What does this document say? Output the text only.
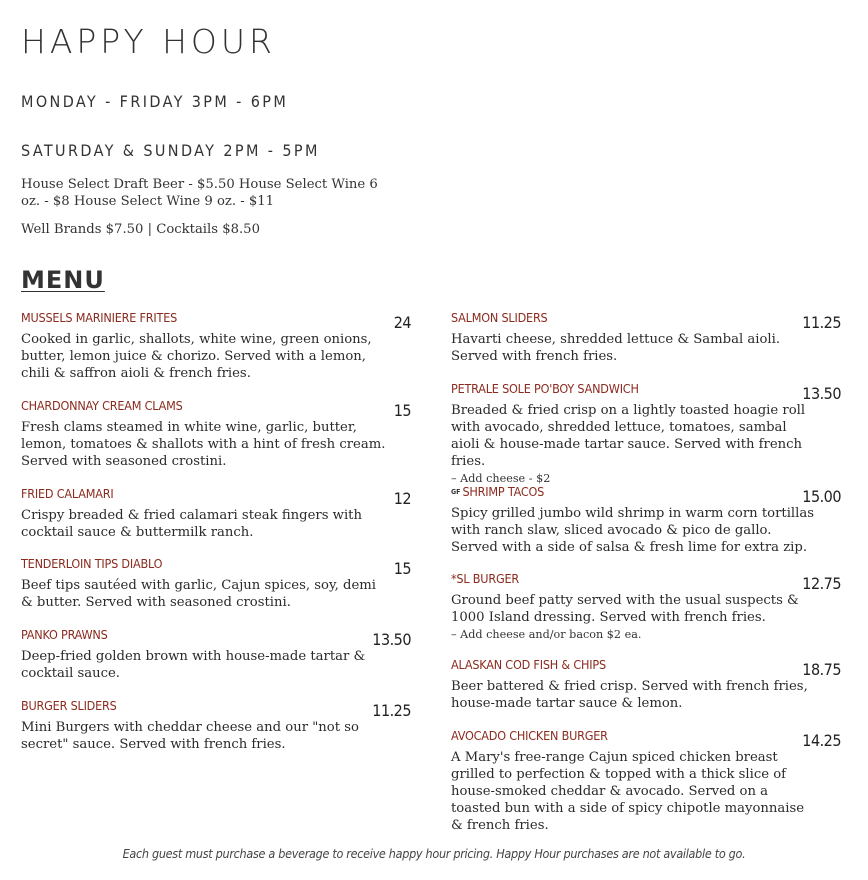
HAPPY HOUR

MONDAY - FRIDAY 3PM - 6PM

SATURDAY & SUNDAY 2PM - 5PM

House Select Draft Beer - $5.50 House Select Wine 6 oz. - $8 House Select Wine 9 oz. - $11

Well Brands $7.50 | Cocktails $8.50

MENU
MUSSELS MARINIERE FRITES	24
Cooked in garlic, shallots, white wine, green onions, butter, lemon juice & chorizo. Served with a lemon, chili & saffron aioli & french fries.
CHARDONNAY CREAM CLAMS	15
Fresh clams steamed in white wine, garlic, butter, lemon, tomatoes & shallots with a hint of fresh cream. Served with seasoned crostini.
FRIED CALAMARI	12
Crispy breaded & fried calamari steak fingers with cocktail sauce & buttermilk ranch.
TENDERLOIN TIPS DIABLO	15
Beef tips sautéed with garlic, Cajun spices, soy, demi & butter. Served with seasoned crostini.
PANKO PRAWNS	13.50
Deep-fried golden brown with house-made tartar & cocktail sauce.
BURGER SLIDERS	11.25
Mini Burgers with cheddar cheese and our "not so secret" sauce. Served with french fries.
SALMON SLIDERS	11.25
Havarti cheese, shredded lettuce & Sambal aioli. Served with french fries.
PETRALE SOLE PO'BOY SANDWICH	13.50
Breaded & fried crisp on a lightly toasted hoagie roll with avocado, shredded lettuce, tomatoes, sambal aioli & house-made tartar sauce. Served with french fries.
– Add cheese - $2
GF SHRIMP TACOS	15.00
Spicy grilled jumbo wild shrimp in warm corn tortillas with ranch slaw, sliced avocado & pico de gallo. Served with a side of salsa & fresh lime for extra zip.
*SL BURGER	12.75
Ground beef patty served with the usual suspects & 1000 Island dressing. Served with french fries.
– Add cheese and/or bacon $2 ea.
ALASKAN COD FISH & CHIPS	18.75
Beer battered & fried crisp. Served with french fries, house-made tartar sauce & lemon.
AVOCADO CHICKEN BURGER	14.25
A Mary's free-range Cajun spiced chicken breast grilled to perfection & topped with a thick slice of house-smoked cheddar & avocado. Served on a toasted bun with a side of spicy chipotle mayonnaise & french fries.

Each guest must purchase a beverage to receive happy hour pricing. Happy Hour purchases are not available to go.
